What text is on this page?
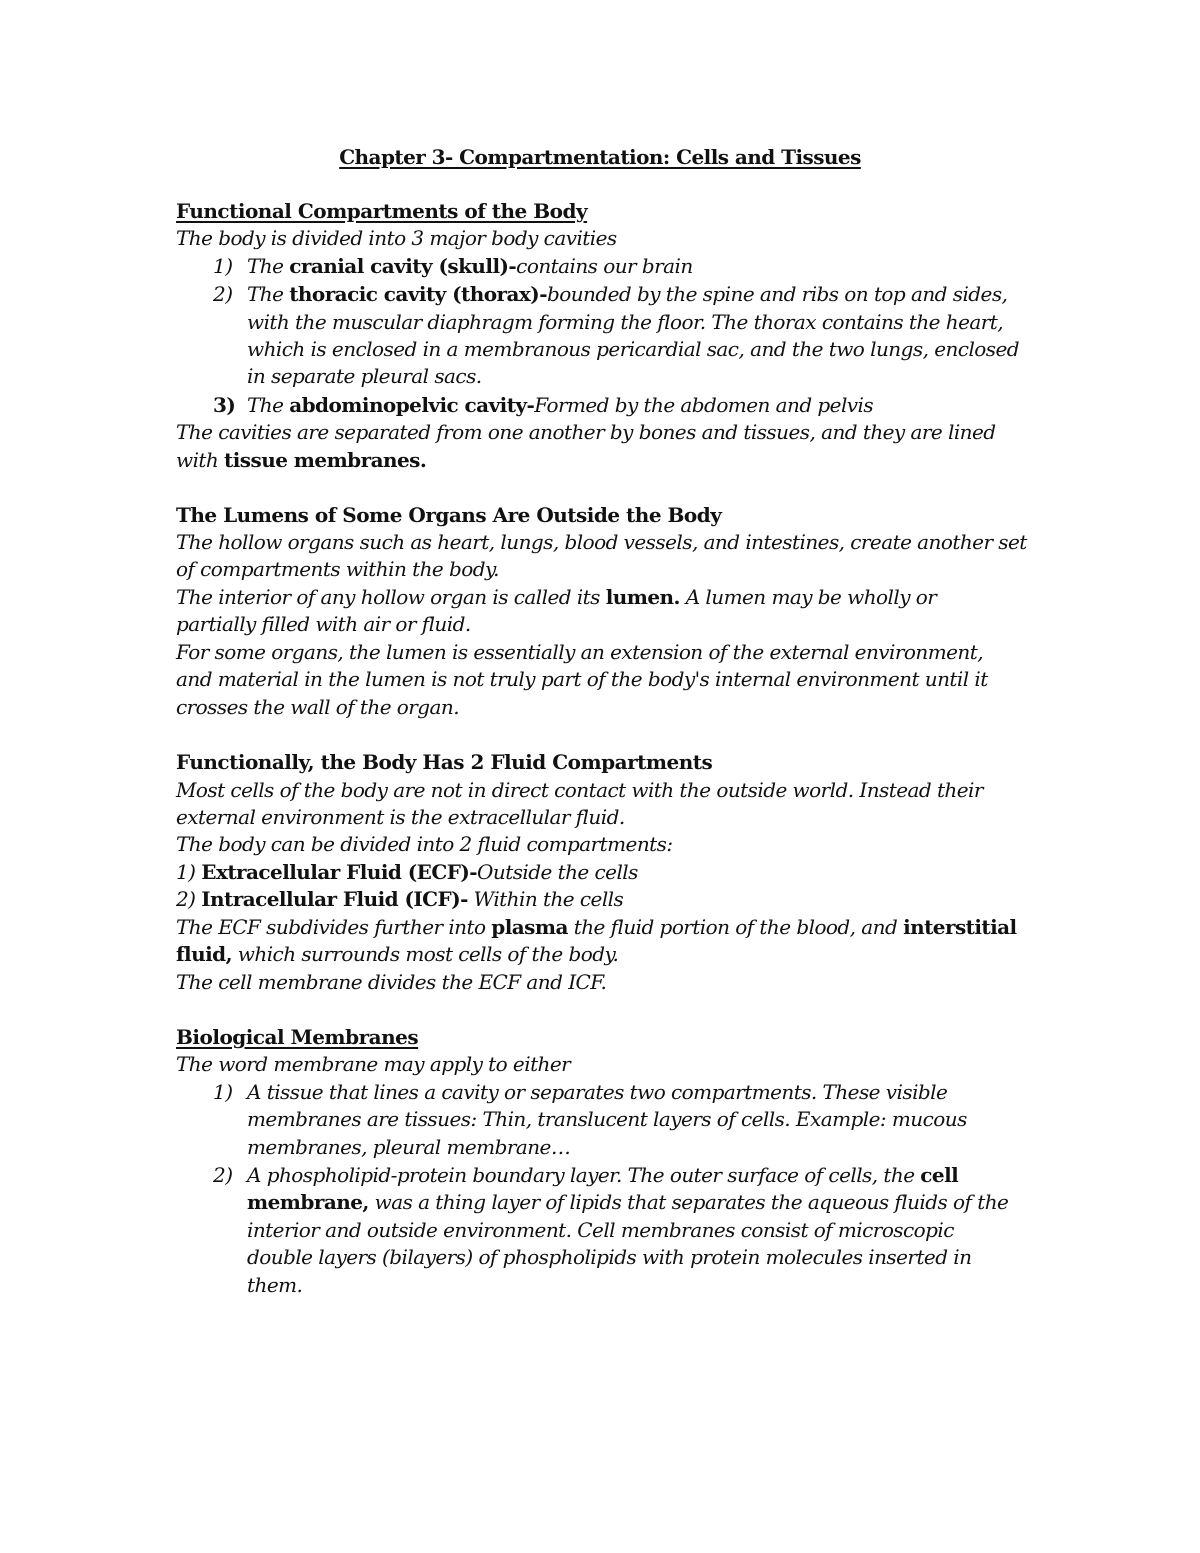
Chapter 3- Compartmentation: Cells and Tissues
Functional Compartments of the Body
The body is divided into 3 major body cavities
1) The cranial cavity (skull)-contains our brain
2) The thoracic cavity (thorax)-bounded by the spine and ribs on top and sides,
with the muscular diaphragm forming the floor. The thorax contains the heart,
which is enclosed in a membranous pericardial sac, and the two lungs, enclosed
in separate pleural sacs.
3) The abdominopelvic cavity-Formed by the abdomen and pelvis
The cavities are separated from one another by bones and tissues, and they are lined
with tissue membranes.
The Lumens of Some Organs Are Outside the Body
The hollow organs such as heart, lungs, blood vessels, and intestines, create another set
of compartments within the body.
The interior of any hollow organ is called its lumen. A lumen may be wholly or
partially filled with air or fluid.
For some organs, the lumen is essentially an extension of the external environment,
and material in the lumen is not truly part of the body's internal environment until it
crosses the wall of the organ.
Functionally, the Body Has 2 Fluid Compartments
Most cells of the body are not in direct contact with the outside world. Instead their
external environment is the extracellular fluid.
The body can be divided into 2 fluid compartments:
1) Extracellular Fluid (ECF)-Outside the cells
2) Intracellular Fluid (ICF)- Within the cells
The ECF subdivides further into plasma the fluid portion of the blood, and interstitial
fluid, which surrounds most cells of the body.
The cell membrane divides the ECF and ICF.
Biological Membranes
The word membrane may apply to either
1) A tissue that lines a cavity or separates two compartments. These visible
membranes are tissues: Thin, translucent layers of cells. Example: mucous
membranes, pleural membrane…
2) A phospholipid-protein boundary layer. The outer surface of cells, the cell
membrane, was a thing layer of lipids that separates the aqueous fluids of the
interior and outside environment. Cell membranes consist of microscopic
double layers (bilayers) of phospholipids with protein molecules inserted in
them.
